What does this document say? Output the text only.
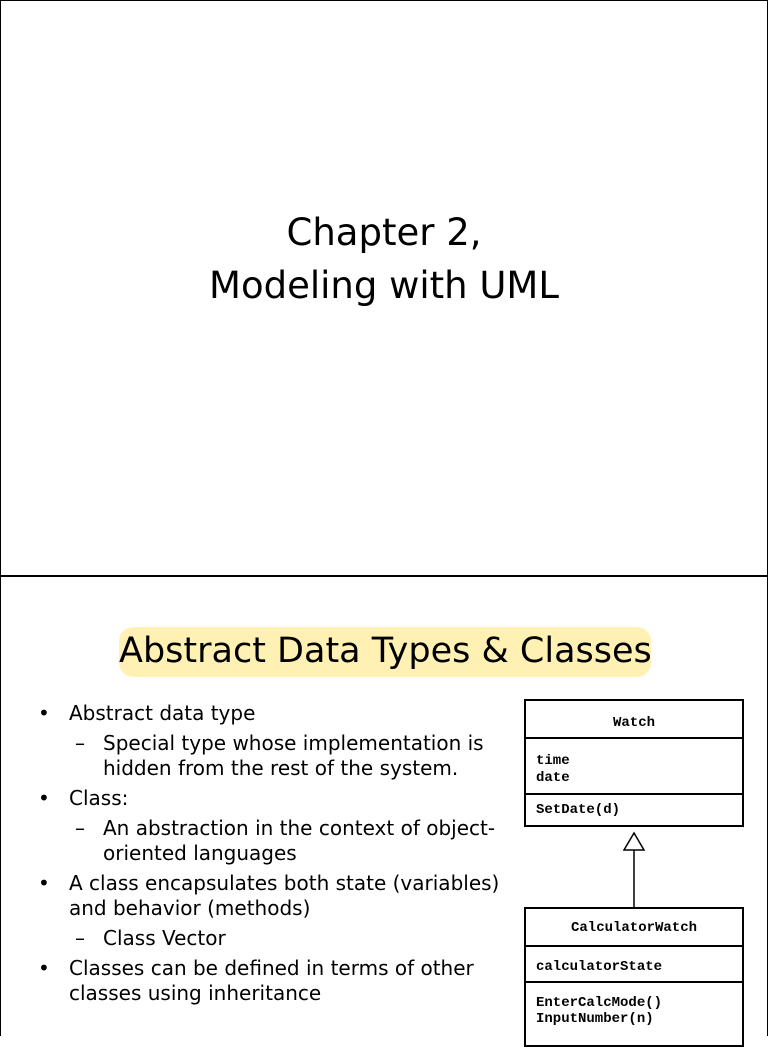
Chapter 2,
Modeling with UML
Abstract Data Types & Classes
• Abstract data type
– Special type whose implementation is hidden from the rest of the system.
• Class:
– An abstraction in the context of object-oriented languages
• A class encapsulates both state (variables) and behavior (methods)
– Class Vector
• Classes can be defined in terms of other classes using inheritance
Watch
time
date
SetDate(d)
CalculatorWatch
calculatorState
EnterCalcMode()
InputNumber(n)
